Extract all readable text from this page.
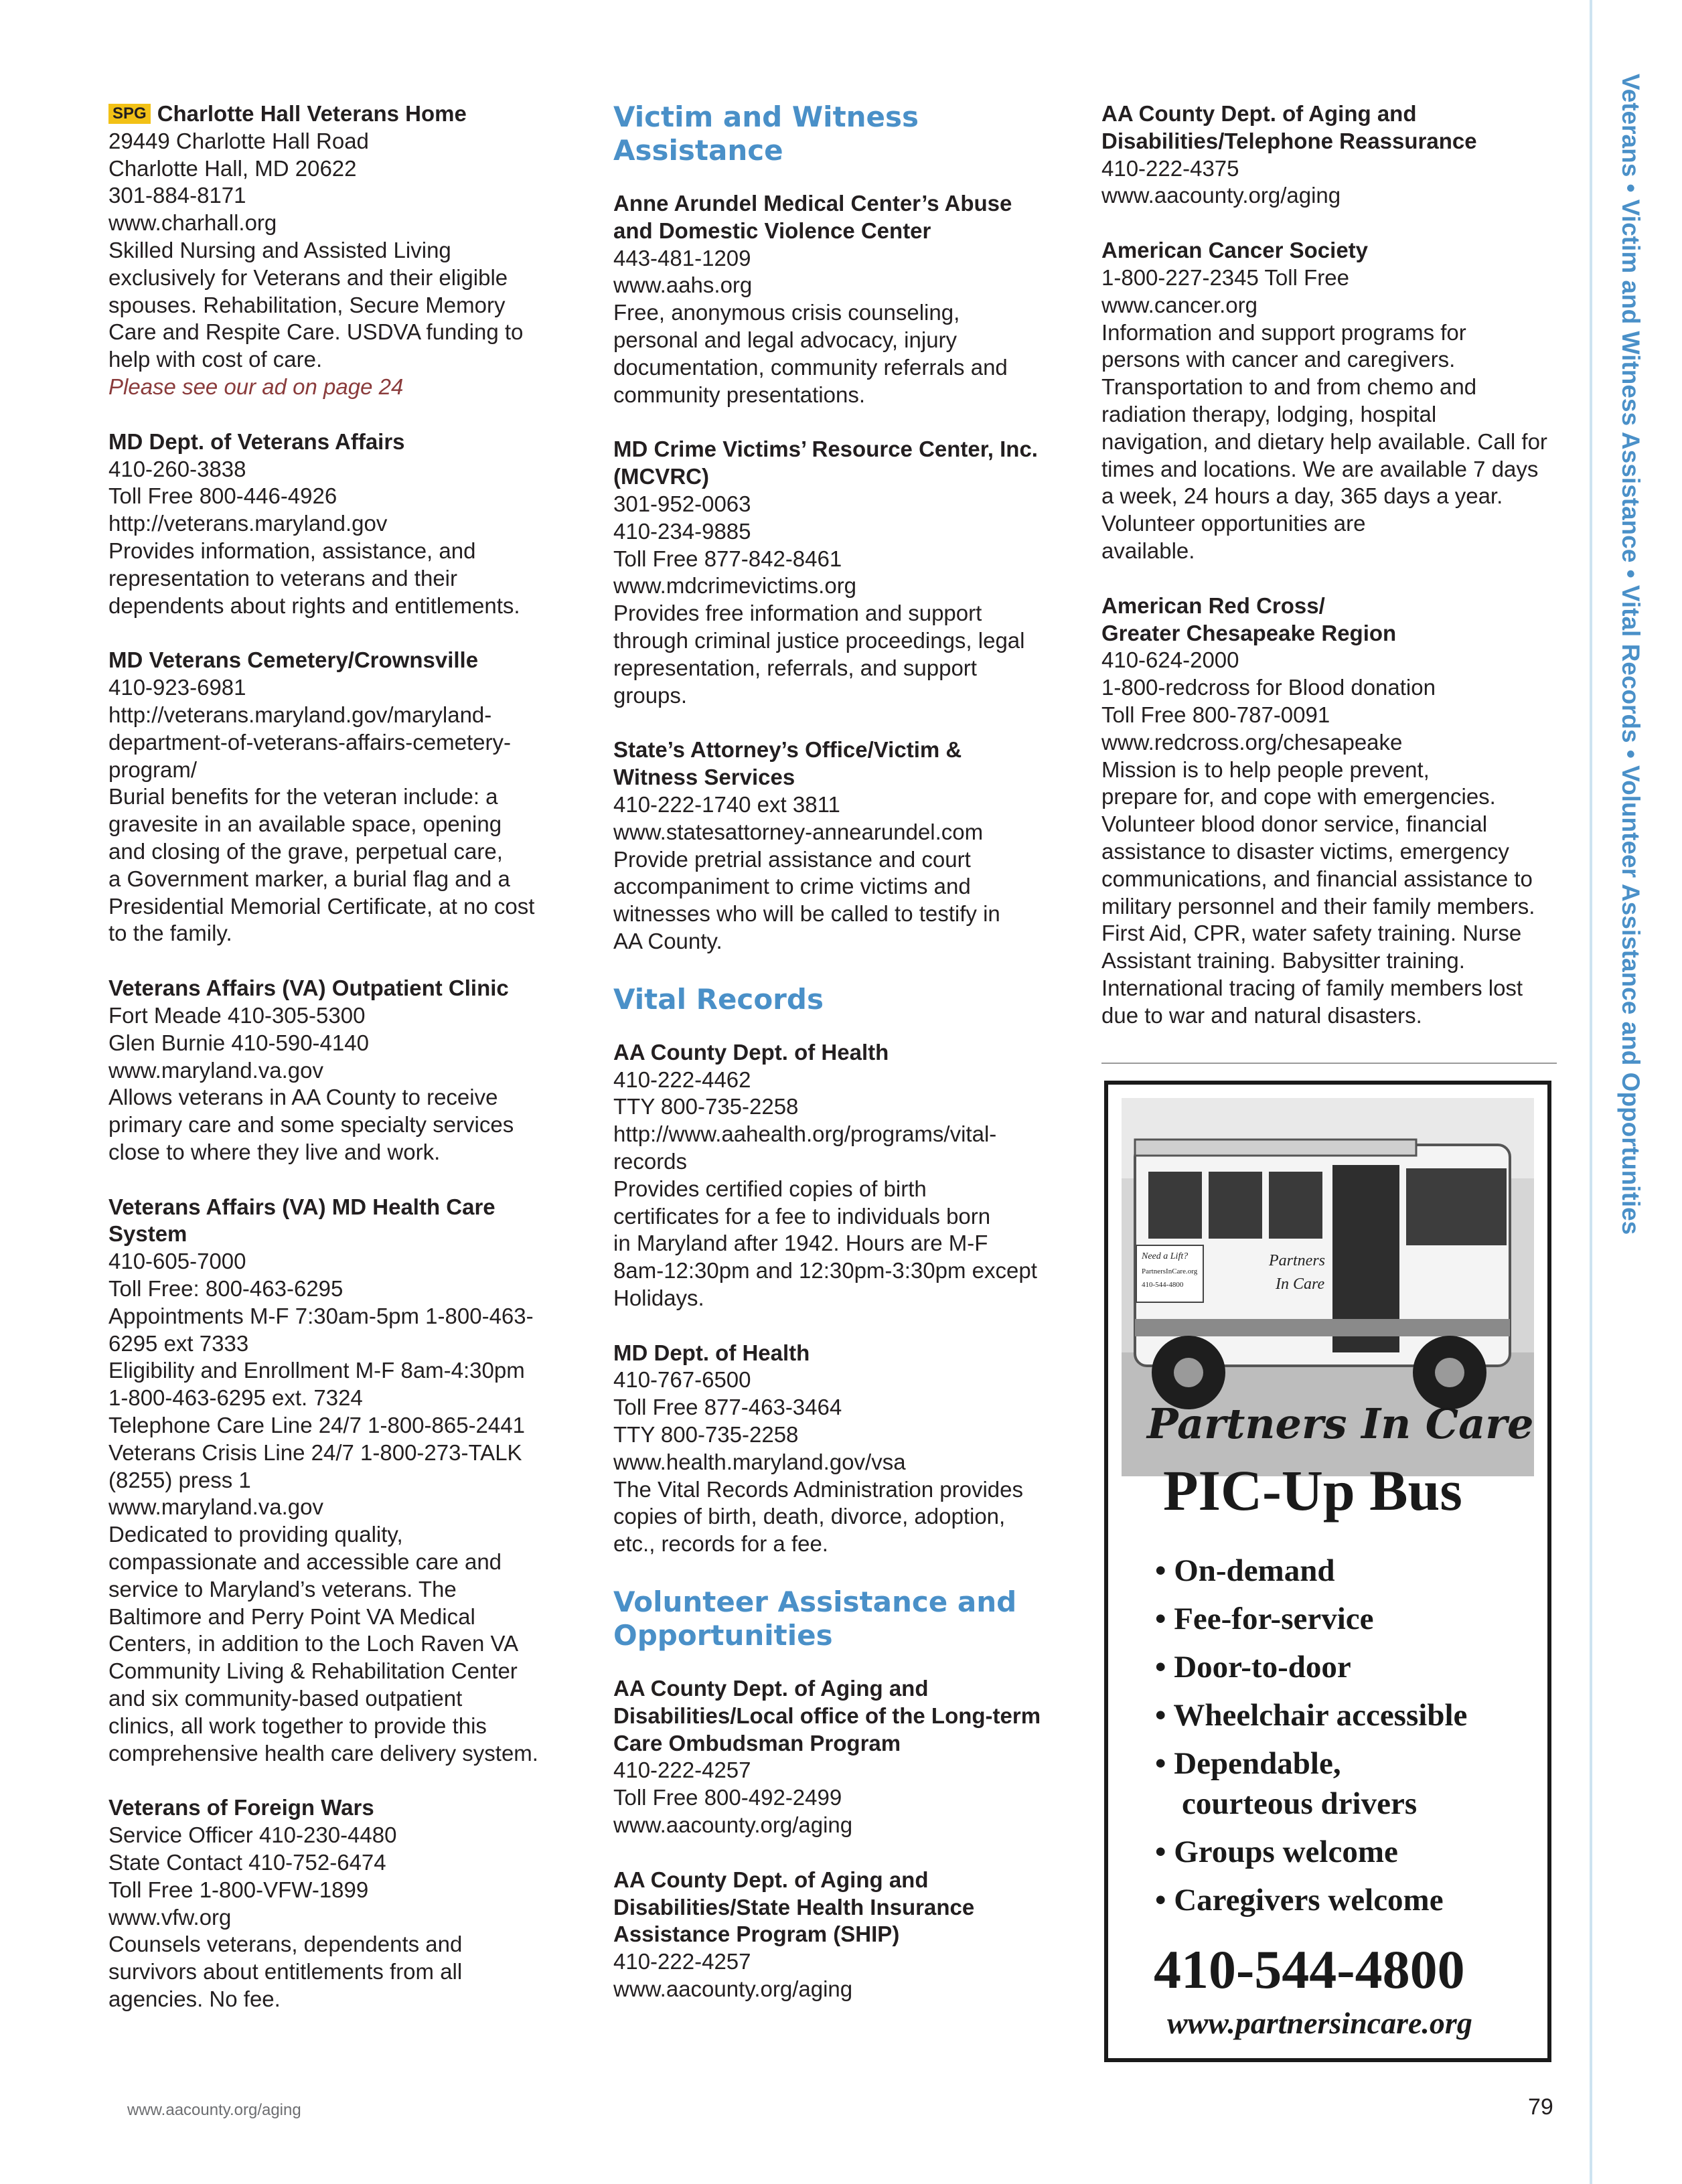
Veterans • Victim and Witness Assistance • Vital Records • Volunteer Assistance and Opportunities
SPG Charlotte Hall Veterans Home
29449 Charlotte Hall Road
Charlotte Hall, MD 20622
301-884-8171
www.charhall.org
Skilled Nursing and Assisted Living
exclusively for Veterans and their eligible
spouses. Rehabilitation, Secure Memory
Care and Respite Care. USDVA funding to
help with cost of care.
Please see our ad on page 24
MD Dept. of Veterans Affairs
410-260-3838
Toll Free 800-446-4926
http://veterans.maryland.gov
Provides information, assistance, and
representation to veterans and their
dependents about rights and entitlements.
MD Veterans Cemetery/Crownsville
410-923-6981
http://veterans.maryland.gov/maryland-
department-of-veterans-affairs-cemetery-
program/
Burial benefits for the veteran include: a
gravesite in an available space, opening
and closing of the grave, perpetual care,
a Government marker, a burial flag and a
Presidential Memorial Certificate, at no cost
to the family.
Veterans Affairs (VA) Outpatient Clinic
Fort Meade 410-305-5300
Glen Burnie 410-590-4140
www.maryland.va.gov
Allows veterans in AA County to receive
primary care and some specialty services
close to where they live and work.
Veterans Affairs (VA) MD Health Care
System
410-605-7000
Toll Free: 800-463-6295
Appointments M-F 7:30am-5pm 1-800-463-
6295 ext 7333
Eligibility and Enrollment M-F 8am-4:30pm
1-800-463-6295 ext. 7324
Telephone Care Line 24/7 1-800-865-2441
Veterans Crisis Line 24/7 1-800-273-TALK
(8255) press 1
www.maryland.va.gov
Dedicated to providing quality,
compassionate and accessible care and
service to Maryland’s veterans. The
Baltimore and Perry Point VA Medical
Centers, in addition to the Loch Raven VA
Community Living & Rehabilitation Center
and six community-based outpatient
clinics, all work together to provide this
comprehensive health care delivery system.
Veterans of Foreign Wars
Service Officer 410-230-4480
State Contact 410-752-6474
Toll Free 1-800-VFW-1899
www.vfw.org
Counsels veterans, dependents and
survivors about entitlements from all
agencies. No fee.
Victim and Witness
Assistance
Anne Arundel Medical Center’s Abuse
and Domestic Violence Center
443-481-1209
www.aahs.org
Free, anonymous crisis counseling,
personal and legal advocacy, injury
documentation, community referrals and
community presentations.
MD Crime Victims’ Resource Center, Inc.
(MCVRC)
301-952-0063
410-234-9885
Toll Free 877-842-8461
www.mdcrimevictims.org
Provides free information and support
through criminal justice proceedings, legal
representation, referrals, and support
groups.
State’s Attorney’s Office/Victim &
Witness Services
410-222-1740 ext 3811
www.statesattorney-annearundel.com
Provide pretrial assistance and court
accompaniment to crime victims and
witnesses who will be called to testify in
AA County.
Vital Records
AA County Dept. of Health
410-222-4462
TTY 800-735-2258
http://www.aahealth.org/programs/vital-
records
Provides certified copies of birth
certificates for a fee to individuals born
in Maryland after 1942. Hours are M-F
8am-12:30pm and 12:30pm-3:30pm except
Holidays.
MD Dept. of Health
410-767-6500
Toll Free 877-463-3464
TTY 800-735-2258
www.health.maryland.gov/vsa
The Vital Records Administration provides
copies of birth, death, divorce, adoption,
etc., records for a fee.
Volunteer Assistance and
Opportunities
AA County Dept. of Aging and
Disabilities/Local office of the Long-term
Care Ombudsman Program
410-222-4257
Toll Free 800-492-2499
www.aacounty.org/aging
AA County Dept. of Aging and
Disabilities/State Health Insurance
Assistance Program (SHIP)
410-222-4257
www.aacounty.org/aging
AA County Dept. of Aging and
Disabilities/Telephone Reassurance
410-222-4375
www.aacounty.org/aging
American Cancer Society
1-800-227-2345 Toll Free
www.cancer.org
Information and support programs for
persons with cancer and caregivers.
Transportation to and from chemo and
radiation therapy, lodging, hospital
navigation, and dietary help available. Call for
times and locations. We are available 7 days
a week, 24 hours a day, 365 days a year.
Volunteer opportunities are
available.
American Red Cross/
Greater Chesapeake Region
410-624-2000
1-800-redcross for Blood donation
Toll Free 800-787-0091
www.redcross.org/chesapeake
Mission is to help people prevent,
prepare for, and cope with emergencies.
Volunteer blood donor service, financial
assistance to disaster victims, emergency
communications, and financial assistance to
military personnel and their family members.
First Aid, CPR, water safety training. Nurse
Assistant training. Babysitter training.
International tracing of family members lost
due to war and natural disasters.
Need a Lift?
PartnersInCare.org
410-544-4800
Partners
In Care
Partners In Care
PIC-Up Bus
• On-demand
• Fee-for-service
• Door-to-door
• Wheelchair accessible
• Dependable,
courteous drivers
• Groups welcome
• Caregivers welcome
410-544-4800
www.partnersincare.org
www.aacounty.org/aging	79
